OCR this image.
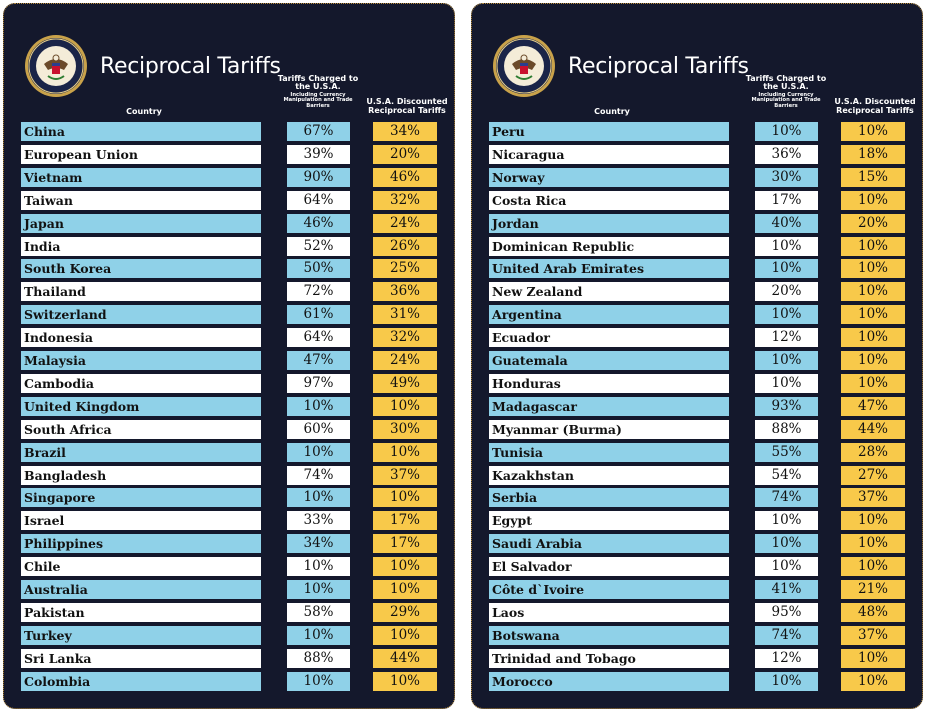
Reciprocal Tariffs
Country
Tariffs Charged to the U.S.A.
Including Currency Manipulation and Trade Barriers	U.S.A. Discounted Reciprocal Tariffs
China	67%	34%
European Union	39%	20%
Vietnam	90%	46%
Taiwan	64%	32%
Japan	46%	24%
India	52%	26%
South Korea	50%	25%
Thailand	72%	36%
Switzerland	61%	31%
Indonesia	64%	32%
Malaysia	47%	24%
Cambodia	97%	49%
United Kingdom	10%	10%
South Africa	60%	30%
Brazil	10%	10%
Bangladesh	74%	37%
Singapore	10%	10%
Israel	33%	17%
Philippines	34%	17%
Chile	10%	10%
Australia	10%	10%
Pakistan	58%	29%
Turkey	10%	10%
Sri Lanka	88%	44%
Colombia	10%	10%
Reciprocal Tariffs
Country
Tariffs Charged to the U.S.A.
Including Currency Manipulation and Trade Barriers	U.S.A. Discounted Reciprocal Tariffs
Peru	10%	10%
Nicaragua	36%	18%
Norway	30%	15%
Costa Rica	17%	10%
Jordan	40%	20%
Dominican Republic	10%	10%
United Arab Emirates	10%	10%
New Zealand	20%	10%
Argentina	10%	10%
Ecuador	12%	10%
Guatemala	10%	10%
Honduras	10%	10%
Madagascar	93%	47%
Myanmar (Burma)	88%	44%
Tunisia	55%	28%
Kazakhstan	54%	27%
Serbia	74%	37%
Egypt	10%	10%
Saudi Arabia	10%	10%
El Salvador	10%	10%
Côte d`Ivoire	41%	21%
Laos	95%	48%
Botswana	74%	37%
Trinidad and Tobago	12%	10%
Morocco	10%	10%
